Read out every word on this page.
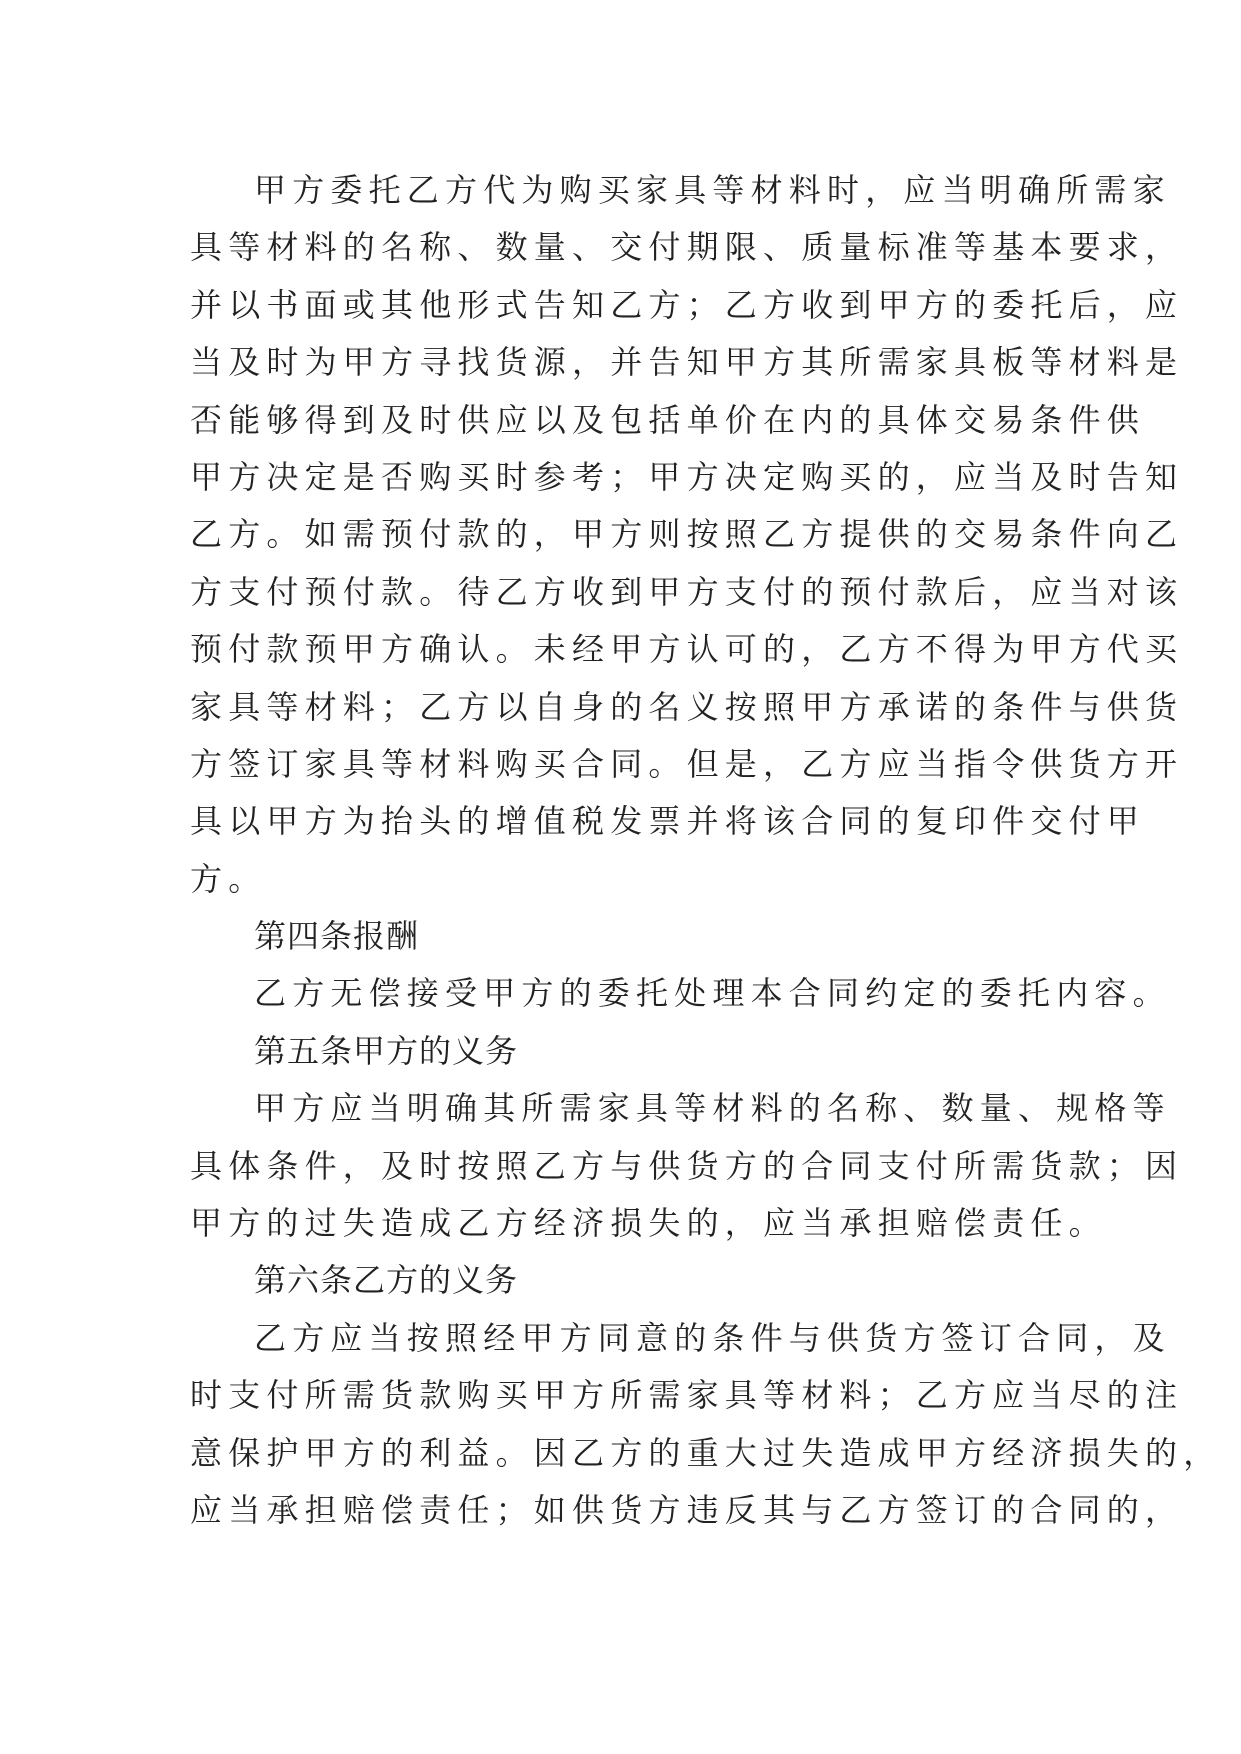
甲方委托乙方代为购买家具等材料时，应当明确所需家
具等材料的名称、数量、交付期限、质量标准等基本要求，
并以书面或其他形式告知乙方；乙方收到甲方的委托后，应
当及时为甲方寻找货源，并告知甲方其所需家具板等材料是
否能够得到及时供应以及包括单价在内的具体交易条件供
甲方决定是否购买时参考；甲方决定购买的，应当及时告知
乙方。如需预付款的，甲方则按照乙方提供的交易条件向乙
方支付预付款。待乙方收到甲方支付的预付款后，应当对该
预付款预甲方确认。未经甲方认可的，乙方不得为甲方代买
家具等材料；乙方以自身的名义按照甲方承诺的条件与供货
方签订家具等材料购买合同。但是，乙方应当指令供货方开
具以甲方为抬头的增值税发票并将该合同的复印件交付甲
方。
第四条报酬
乙方无偿接受甲方的委托处理本合同约定的委托内容。
第五条甲方的义务
甲方应当明确其所需家具等材料的名称、数量、规格等
具体条件，及时按照乙方与供货方的合同支付所需货款；因
甲方的过失造成乙方经济损失的，应当承担赔偿责任。
第六条乙方的义务
乙方应当按照经甲方同意的条件与供货方签订合同，及
时支付所需货款购买甲方所需家具等材料；乙方应当尽的注
意保护甲方的利益。因乙方的重大过失造成甲方经济损失的，
应当承担赔偿责任；如供货方违反其与乙方签订的合同的，
